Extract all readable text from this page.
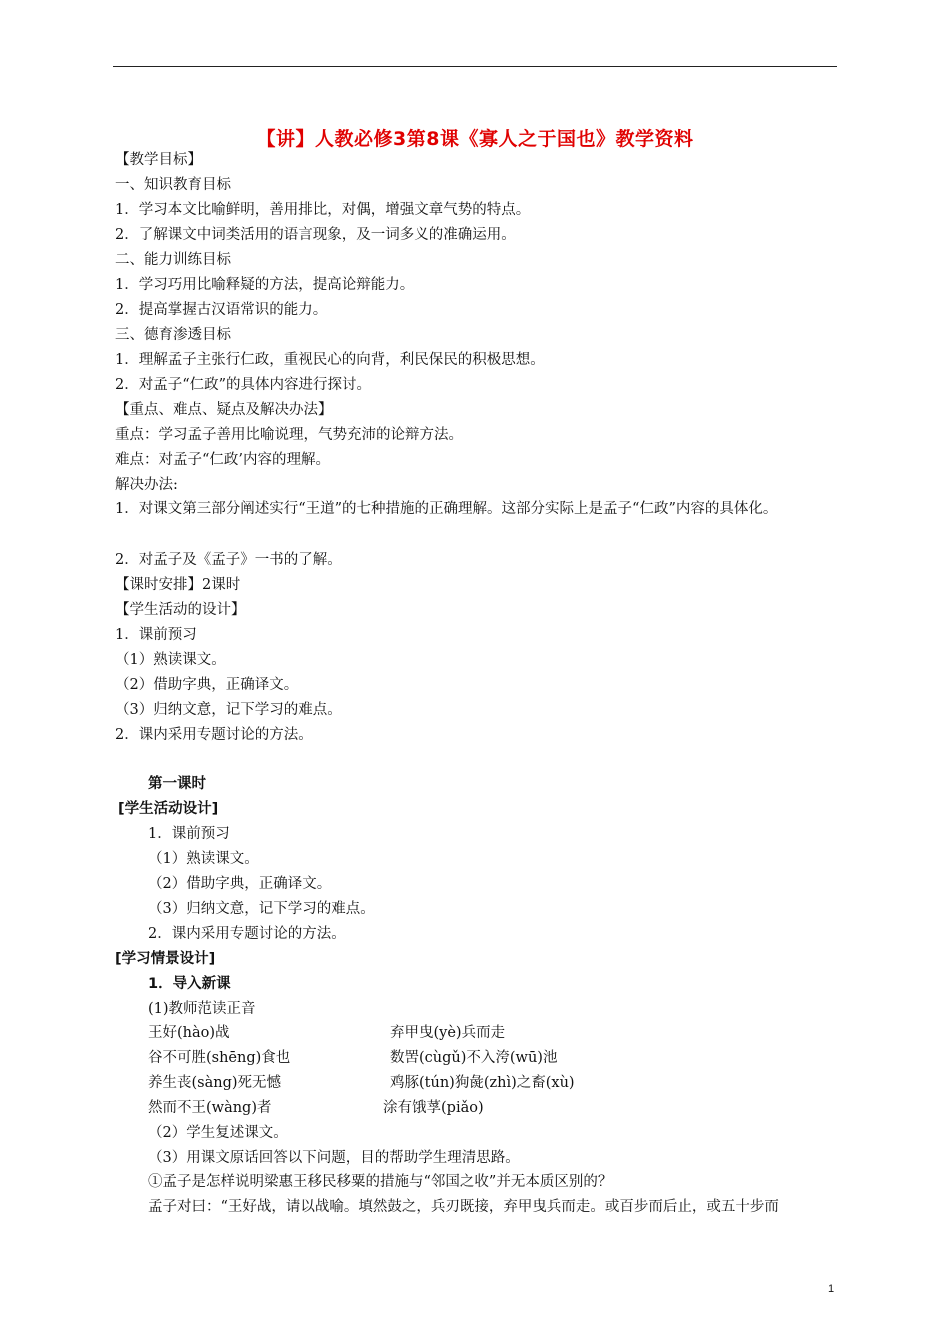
【讲】人教必修3第8课《寡人之于国也》教学资料
【教学目标】
一、知识教育目标
1．学习本文比喻鲜明，善用排比，对偶，增强文章气势的特点。
2．了解课文中词类活用的语言现象，及一词多义的准确运用。
二、能力训练目标
1．学习巧用比喻释疑的方法，提高论辩能力。
2．提高掌握古汉语常识的能力。
三、德育渗透目标
1．理解孟子主张行仁政，重视民心的向背，利民保民的积极思想。
2．对孟子“仁政”的具体内容进行探讨。
【重点、难点、疑点及解决办法】
重点：学习孟子善用比喻说理，气势充沛的论辩方法。
难点：对孟子“仁政’内容的理解。
解决办法:
1．对课文第三部分阐述实行“王道”的七种措施的正确理解。这部分实际上是孟子“仁政”内容的具体化。
2．对孟子及《孟子》一书的了解。
【课时安排】2课时
【学生活动的设计】
1．课前预习
（1）熟读课文。
（2）借助字典，正确译文。
（3）归纳文意，记下学习的难点。
2．课内采用专题讨论的方法。
第一课时
[学生活动设计]
1．课前预习
（1）熟读课文。
（2）借助字典，正确译文。
（3）归纳文意，记下学习的难点。
2．课内采用专题讨论的方法。
[学习情景设计]
1．导入新课
(1)教师范读正音
王好(hào)战	弃甲曳(yè)兵而走
谷不可胜(shēng)食也	数罟(cùgǔ)不入洿(wū)池
养生丧(sàng)死无憾	鸡豚(tún)狗彘(zhì)之畜(xù)
然而不王(wàng)者	涂有饿莩(piǎo)
（2）学生复述课文。
（3）用课文原话回答以下问题，目的帮助学生理清思路。
①孟子是怎样说明梁惠王移民移粟的措施与“邻国之收”并无本质区别的？
孟子对曰：“王好战，请以战喻。填然鼓之，兵刃既接，弃甲曳兵而走。或百步而后止，或五十步而
1
